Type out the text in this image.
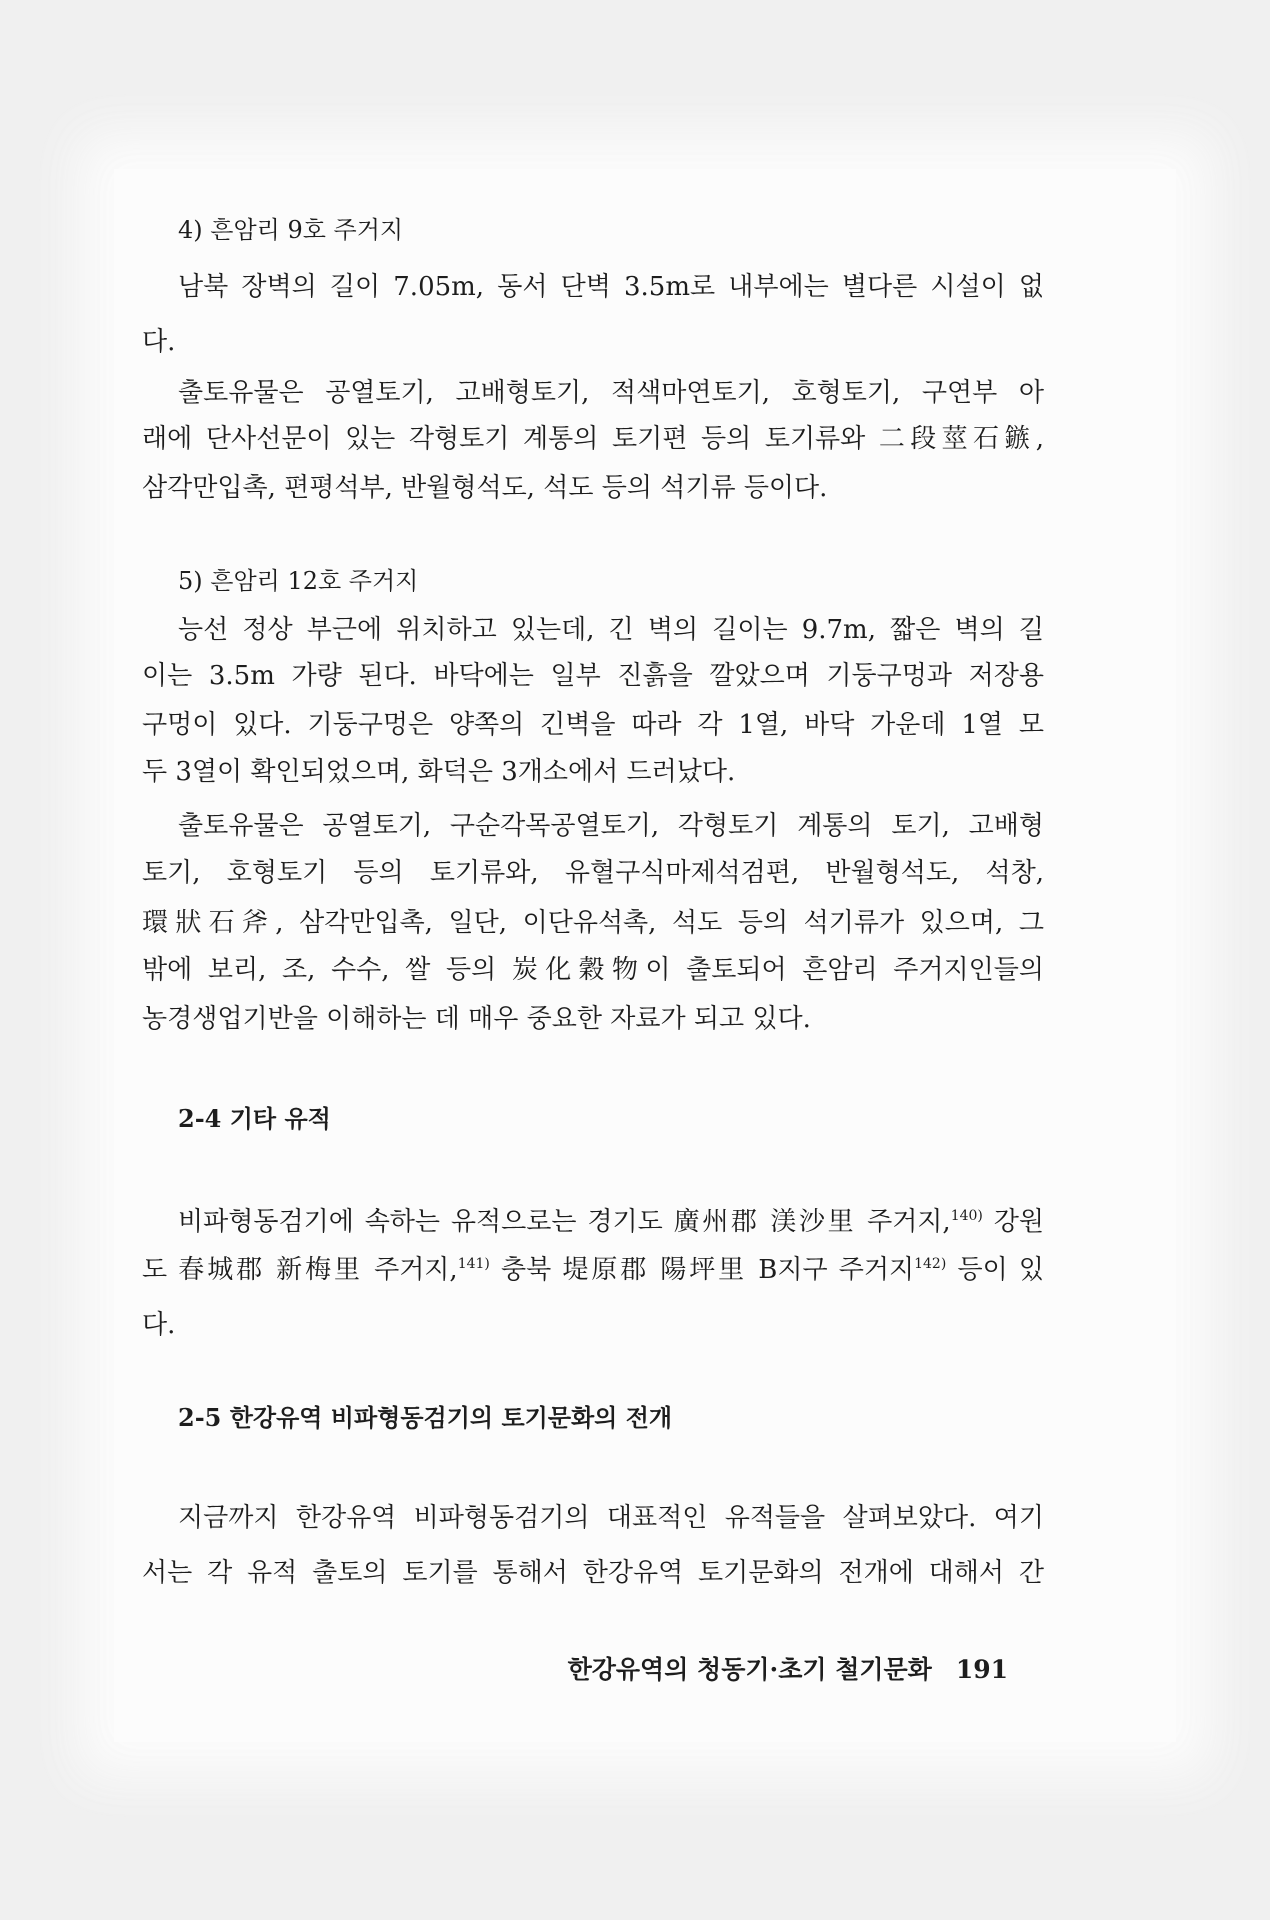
4) 흔암리 9호 주거지
남북 장벽의 길이 7.05m, 동서 단벽 3.5m로 내부에는 별다른 시설이 없
다.
출토유물은 공열토기, 고배형토기, 적색마연토기, 호형토기, 구연부 아
래에 단사선문이 있는 각형토기 계통의 토기편 등의 토기류와 二段莖石鏃,
삼각만입촉, 편평석부, 반월형석도, 석도 등의 석기류 등이다.
5) 흔암리 12호 주거지
능선 정상 부근에 위치하고 있는데, 긴 벽의 길이는 9.7m, 짧은 벽의 길
이는 3.5m 가량 된다. 바닥에는 일부 진흙을 깔았으며 기둥구멍과 저장용
구멍이 있다. 기둥구멍은 양쪽의 긴벽을 따라 각 1열, 바닥 가운데 1열 모
두 3열이 확인되었으며, 화덕은 3개소에서 드러났다.
출토유물은 공열토기, 구순각목공열토기, 각형토기 계통의 토기, 고배형
토기, 호형토기 등의 토기류와, 유혈구식마제석검편, 반월형석도, 석창,
環狀石斧, 삼각만입촉, 일단, 이단유석촉, 석도 등의 석기류가 있으며, 그
밖에 보리, 조, 수수, 쌀 등의 炭化穀物이 출토되어 흔암리 주거지인들의
농경생업기반을 이해하는 데 매우 중요한 자료가 되고 있다.
2-4 기타 유적
비파형동검기에 속하는 유적으로는 경기도 廣州郡 渼沙里 주거지,$^{140)}$ 강원
도 春城郡 新梅里 주거지,$^{141)}$ 충북 堤原郡 陽坪里 B지구 주거지$^{142)}$ 등이 있
다.
2-5 한강유역 비파형동검기의 토기문화의 전개
지금까지 한강유역 비파형동검기의 대표적인 유적들을 살펴보았다. 여기
서는 각 유적 출토의 토기를 통해서 한강유역 토기문화의 전개에 대해서 간
한강유역의 청동기·초기 철기문화 191
